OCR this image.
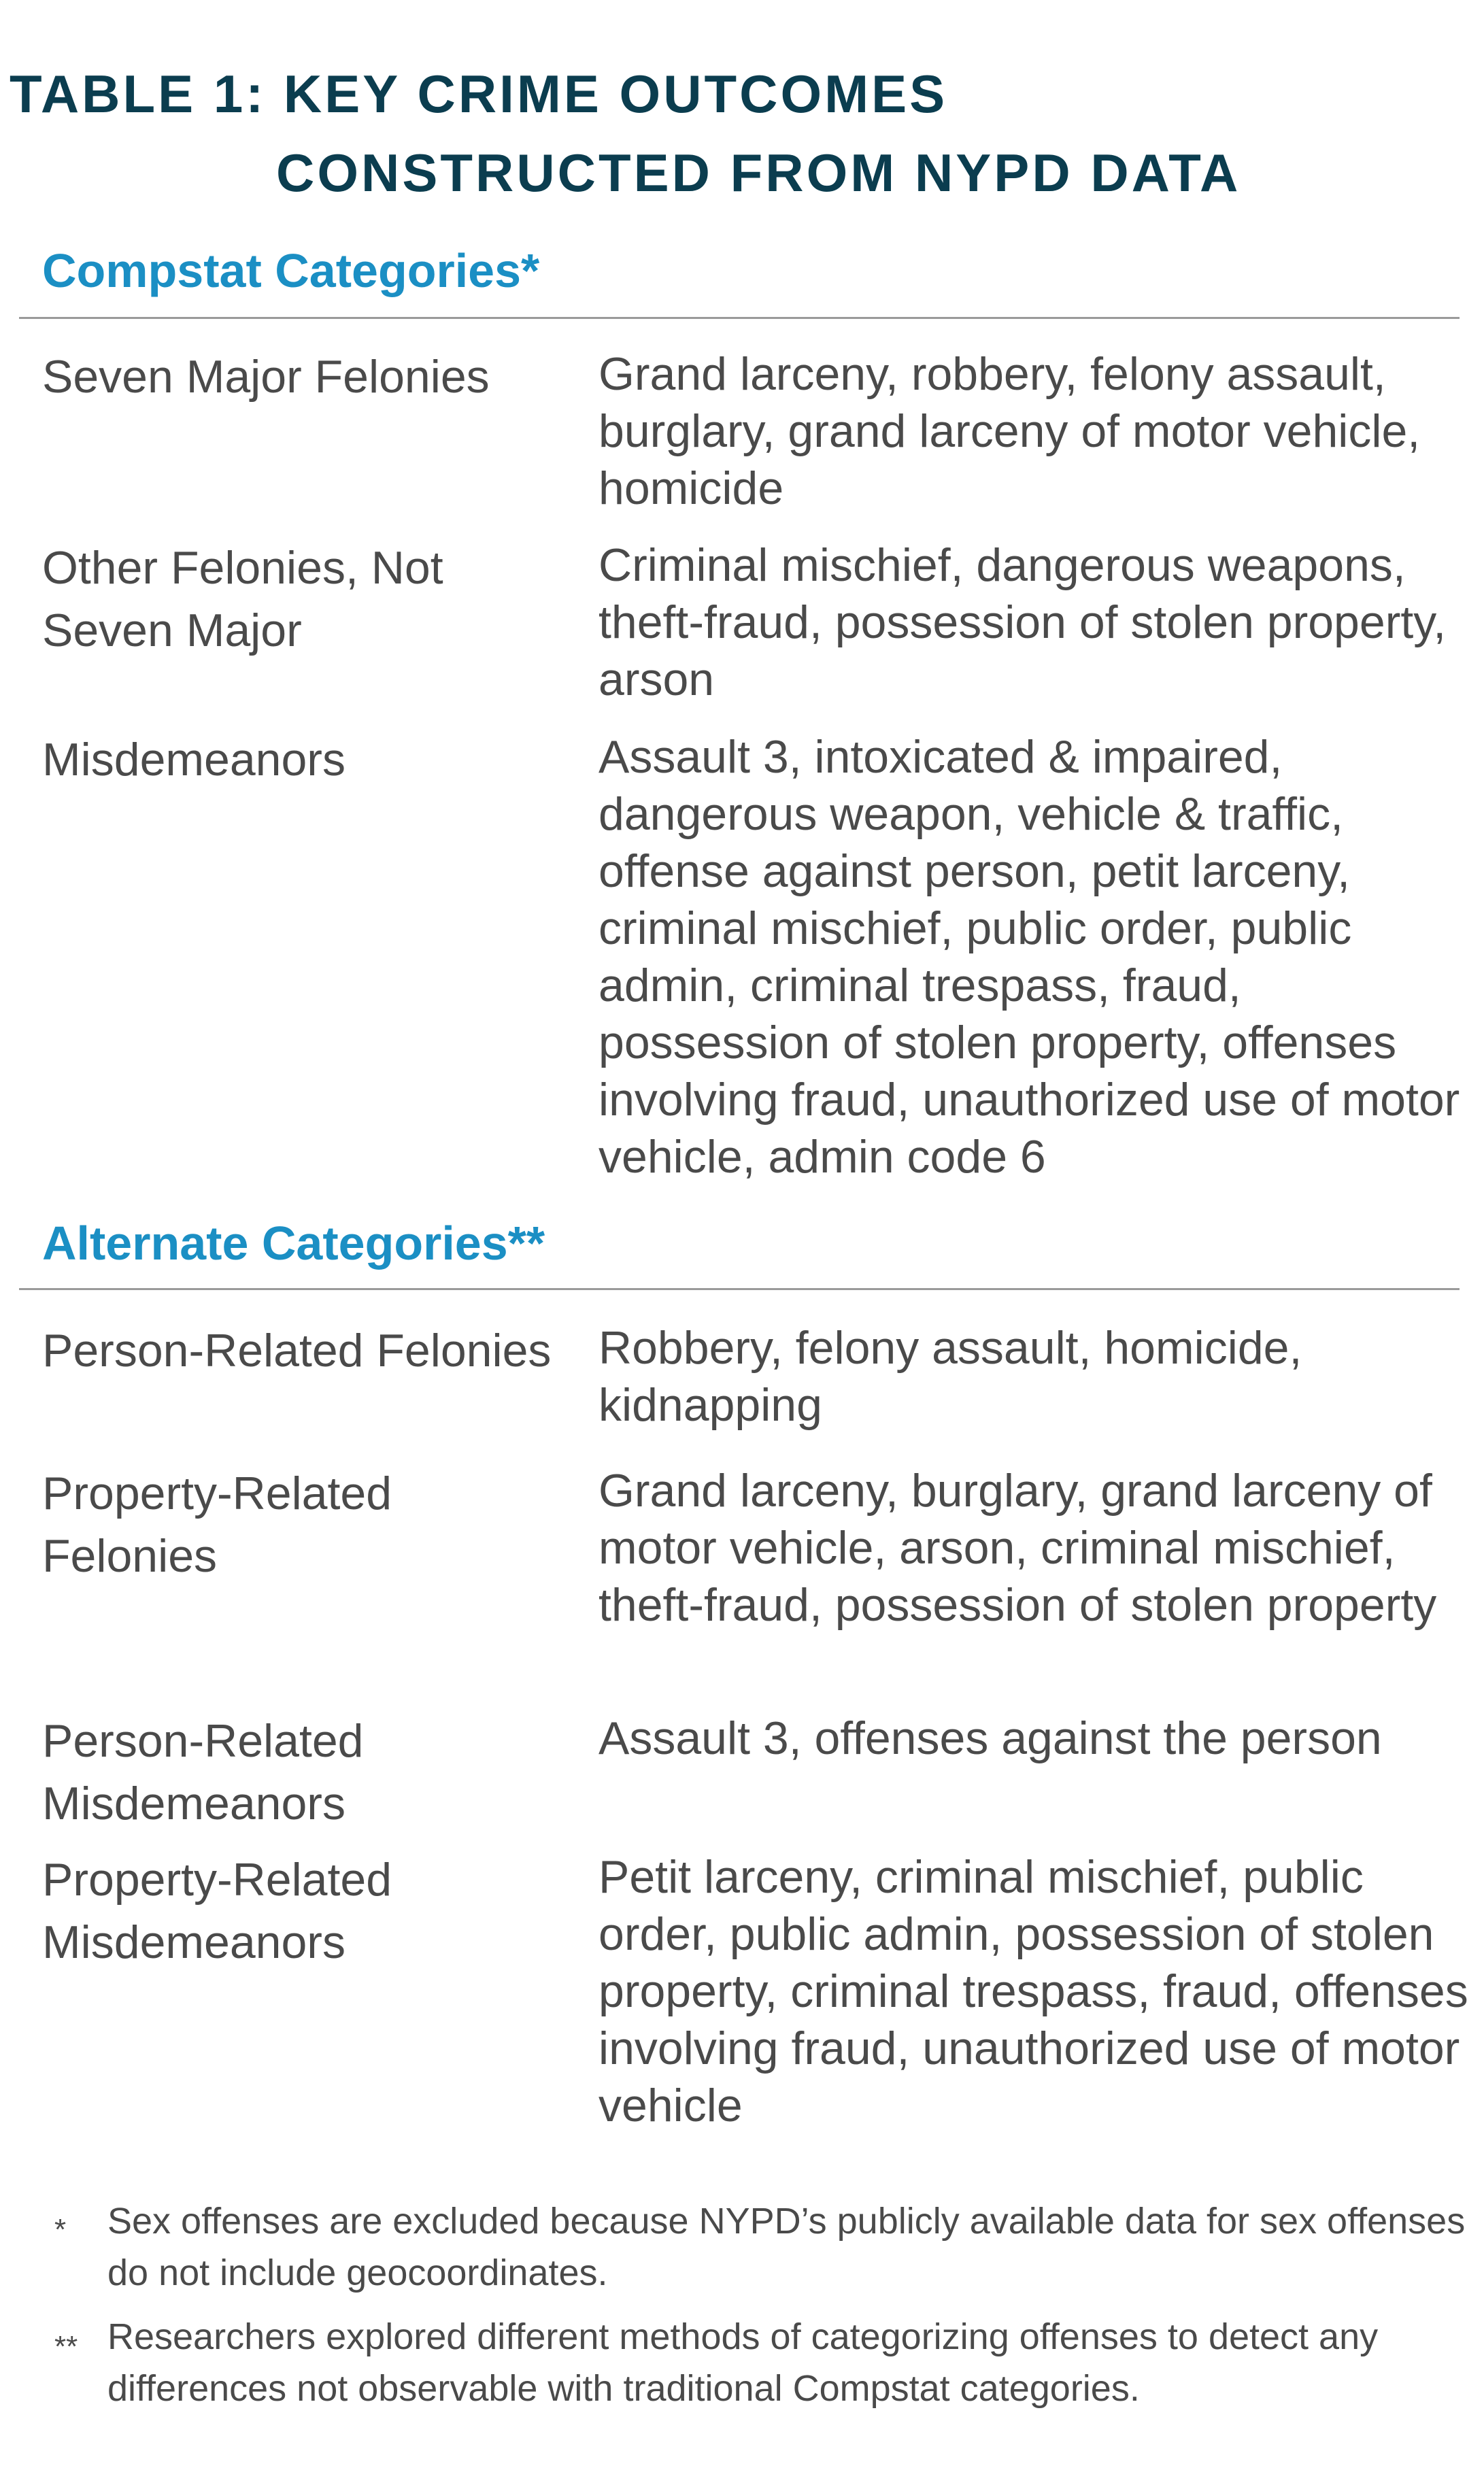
TABLE 1: KEY CRIME OUTCOMES
CONSTRUCTED FROM NYPD DATA
Compstat Categories*
Seven Major Felonies	Grand larceny, robbery, felony assault, burglary, grand larceny of motor vehicle, homicide
Other Felonies, Not Seven Major
Criminal mischief, dangerous weapons, theft-fraud, possession of stolen property, arson
Misdemeanors	Assault 3, intoxicated & impaired, dangerous weapon, vehicle & traffic, offense against person, petit larceny, criminal mischief, public order, public admin, criminal trespass, fraud, possession of stolen property, offenses involving fraud, unauthorized use of motor vehicle, admin code 6
Alternate Categories**
Person-Related Felonies Robbery, felony assault, homicide, kidnapping
Property-Related Felonies
Grand larceny, burglary, grand larceny of motor vehicle, arson, criminal mischief, theft-fraud, possession of stolen property
Person-Related Misdemeanors
Assault 3, offenses against the person
Property-Related Misdemeanors
Petit larceny, criminal mischief, public order, public admin, possession of stolen property, criminal trespass, fraud, offenses involving fraud, unauthorized use of motor vehicle
* Sex offenses are excluded because NYPD’s publicly available data for sex offenses do not include geocoordinates.
** Researchers explored different methods of categorizing offenses to detect any differences not observable with traditional Compstat categories.
